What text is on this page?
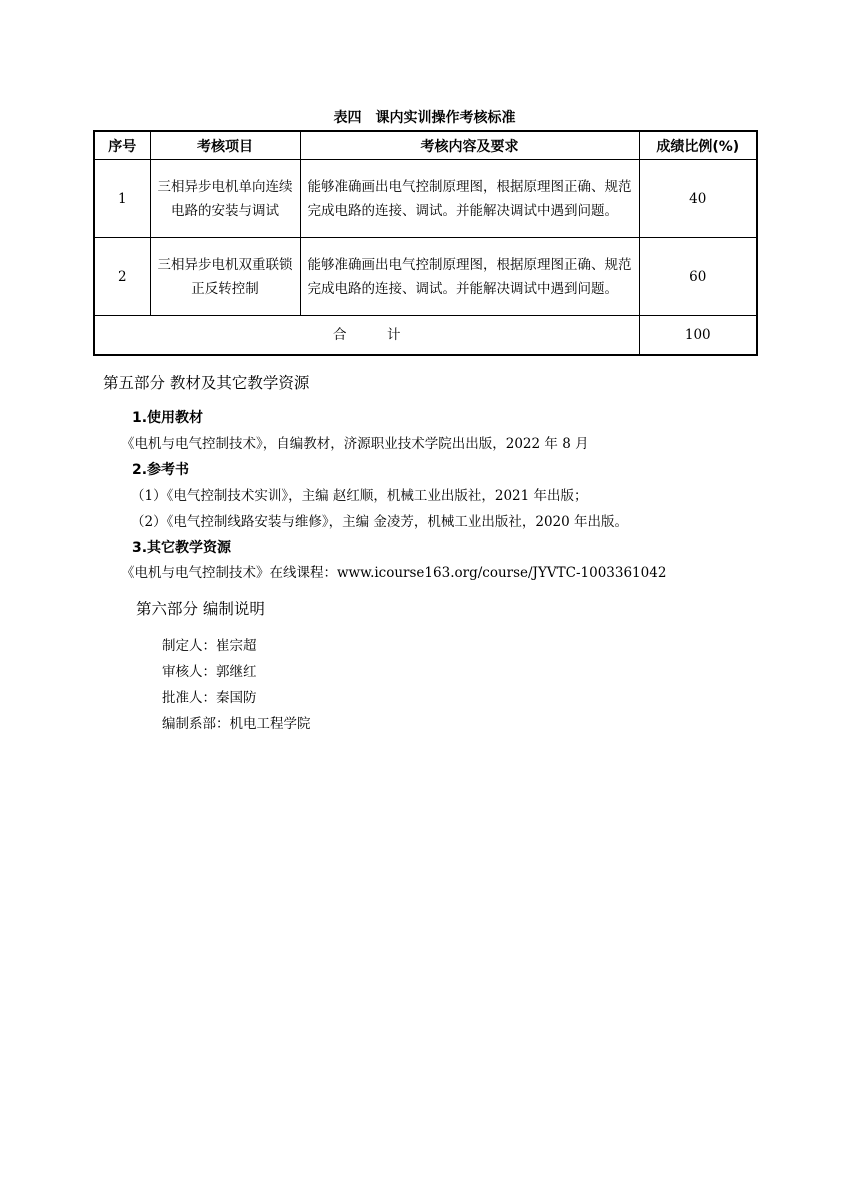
表四　课内实训操作考核标准
序号	考核项目	考核内容及要求	成绩比例(%)
1	三相异步电机单向连续电路的安装与调试	能够准确画出电气控制原理图，根据原理图正确、规范完成电路的连接、调试。并能解决调试中遇到问题。	40
2	三相异步电机双重联锁正反转控制	能够准确画出电气控制原理图，根据原理图正确、规范完成电路的连接、调试。并能解决调试中遇到问题。	60
合　　　计			100
第五部分 教材及其它教学资源
1.使用教材
《电机与电气控制技术》，自编教材，济源职业技术学院出出版，2022 年 8 月
2.参考书
（1）《电气控制技术实训》，主编 赵红顺，机械工业出版社，2021 年出版；
（2）《电气控制线路安装与维修》，主编 金凌芳，机械工业出版社，2020 年出版。
3.其它教学资源
《电机与电气控制技术》在线课程：www.icourse163.org/course/JYVTC-1003361042
第六部分 编制说明
制定人：崔宗超
审核人：郭继红
批准人：秦国防
编制系部：机电工程学院
